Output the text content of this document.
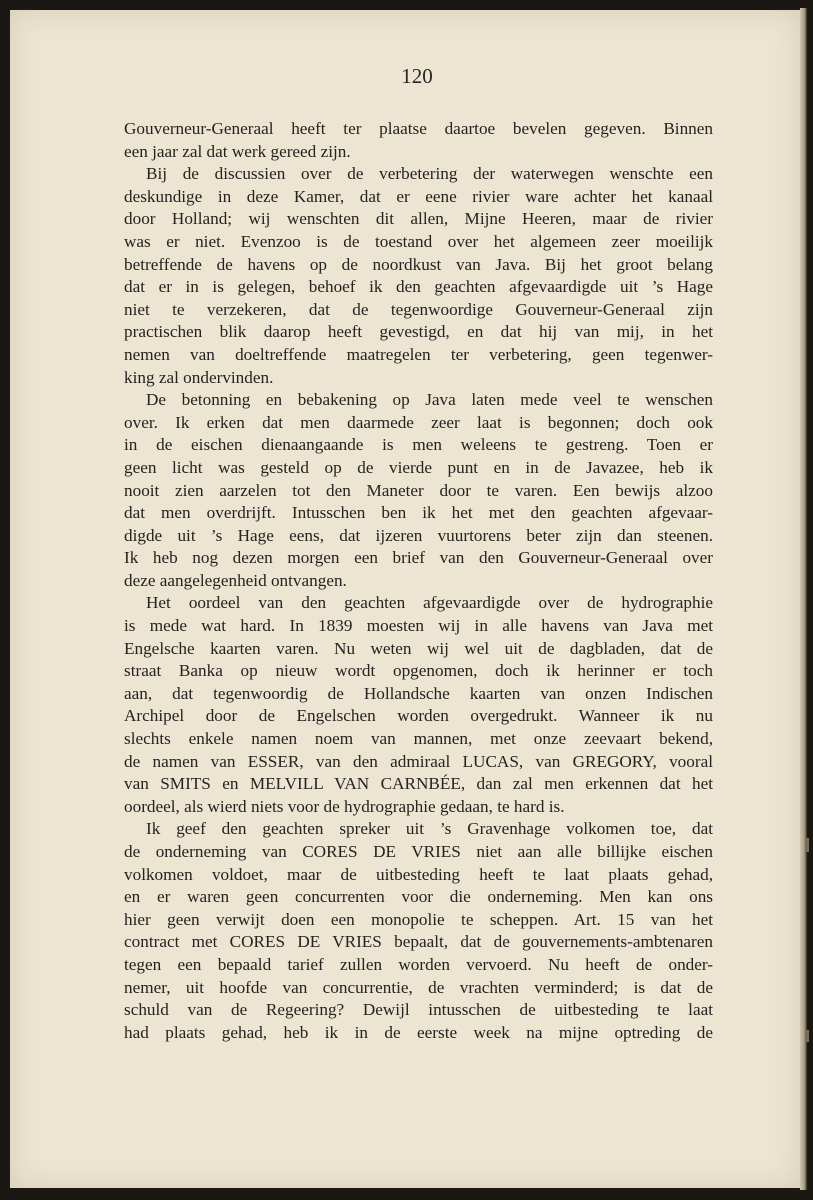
120
Gouverneur-Generaal heeft ter plaatse daartoe bevelen gegeven. Binnen
een jaar zal dat werk gereed zijn.
Bij de discussien over de verbetering der waterwegen wenschte een
deskundige in deze Kamer, dat er eene rivier ware achter het kanaal
door Holland; wij wenschten dit allen, Mijne Heeren, maar de rivier
was er niet. Evenzoo is de toestand over het algemeen zeer moeilijk
betreffende de havens op de noordkust van Java. Bij het groot belang
dat er in is gelegen, behoef ik den geachten afgevaardigde uit ’s Hage
niet te verzekeren, dat de tegenwoordige Gouverneur-Generaal zijn
practischen blik daarop heeft gevestigd, en dat hij van mij, in het
nemen van doeltreffende maatregelen ter verbetering, geen tegenwer-
king zal ondervinden.
De betonning en bebakening op Java laten mede veel te wenschen
over. Ik erken dat men daarmede zeer laat is begonnen; doch ook
in de eischen dienaangaande is men weleens te gestreng. Toen er
geen licht was gesteld op de vierde punt en in de Javazee, heb ik
nooit zien aarzelen tot den Maneter door te varen. Een bewijs alzoo
dat men overdrijft. Intusschen ben ik het met den geachten afgevaar-
digde uit ’s Hage eens, dat ijzeren vuurtorens beter zijn dan steenen.
Ik heb nog dezen morgen een brief van den Gouverneur-Generaal over
deze aangelegenheid ontvangen.
Het oordeel van den geachten afgevaardigde over de hydrographie
is mede wat hard. In 1839 moesten wij in alle havens van Java met
Engelsche kaarten varen. Nu weten wij wel uit de dagbladen, dat de
straat Banka op nieuw wordt opgenomen, doch ik herinner er toch
aan, dat tegenwoordig de Hollandsche kaarten van onzen Indischen
Archipel door de Engelschen worden overgedrukt. Wanneer ik nu
slechts enkele namen noem van mannen, met onze zeevaart bekend,
de namen van ESSER, van den admiraal LUCAS, van GREGORY, vooral
van SMITS en MELVILL VAN CARNBÉE, dan zal men erkennen dat het
oordeel, als wierd niets voor de hydrographie gedaan, te hard is.
Ik geef den geachten spreker uit ’s Gravenhage volkomen toe, dat
de onderneming van CORES DE VRIES niet aan alle billijke eischen
volkomen voldoet, maar de uitbesteding heeft te laat plaats gehad,
en er waren geen concurrenten voor die onderneming. Men kan ons
hier geen verwijt doen een monopolie te scheppen. Art. 15 van het
contract met CORES DE VRIES bepaalt, dat de gouvernements-ambtenaren
tegen een bepaald tarief zullen worden vervoerd. Nu heeft de onder-
nemer, uit hoofde van concurrentie, de vrachten verminderd; is dat de
schuld van de Regeering? Dewijl intusschen de uitbesteding te laat
had plaats gehad, heb ik in de eerste week na mijne optreding de
